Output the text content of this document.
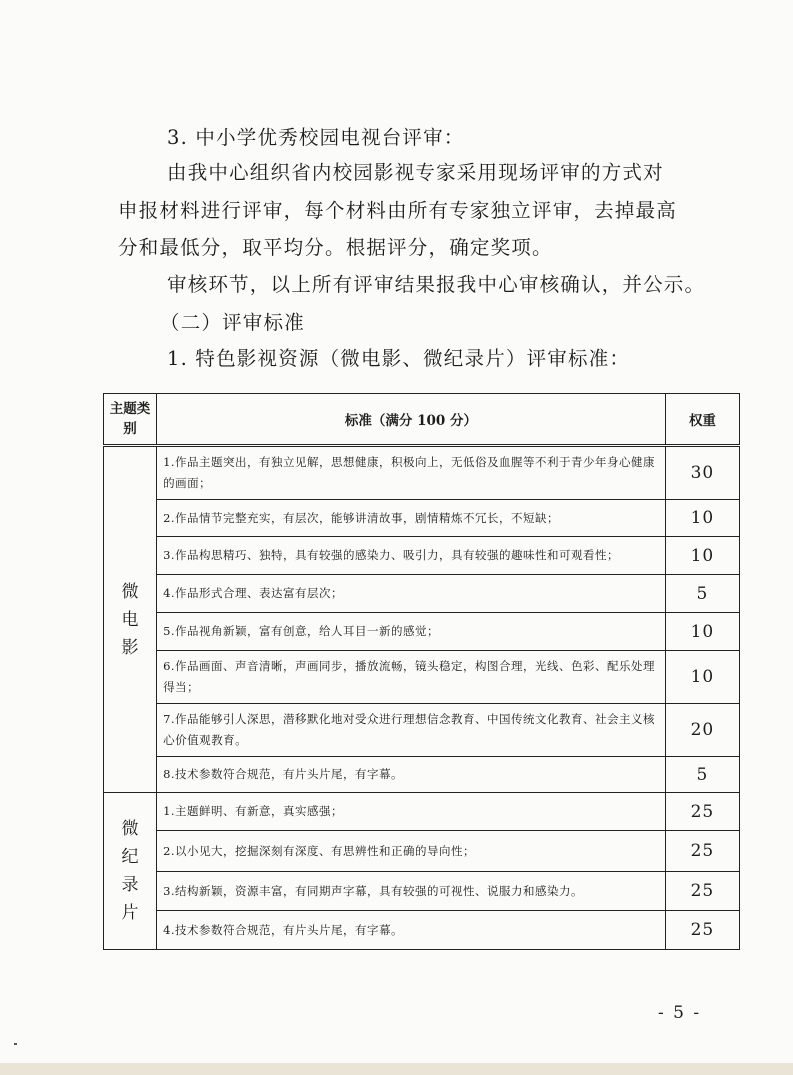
3. 中小学优秀校园电视台评审：
由我中心组织省内校园影视专家采用现场评审的方式对
申报材料进行评审，每个材料由所有专家独立评审，去掉最高
分和最低分，取平均分。根据评分，确定奖项。
审核环节，以上所有评审结果报我中心审核确认，并公示。
（二）评审标准
1. 特色影视资源（微电影、微纪录片）评审标准：
主题类别	标准（满分 100 分）	权重
微电影	1.作品主题突出，有独立见解，思想健康，积极向上，无低俗及血腥等不利于青少年身心健康的画面；	30
	2.作品情节完整充实，有层次，能够讲清故事，剧情精炼不冗长，不短缺；	10
	3.作品构思精巧、独特，具有较强的感染力、吸引力，具有较强的趣味性和可观看性；	10
	4.作品形式合理、表达富有层次；	5
	5.作品视角新颖，富有创意，给人耳目一新的感觉；	10
	6.作品画面、声音清晰，声画同步，播放流畅，镜头稳定，构图合理，光线、色彩、配乐处理得当；	10
	7.作品能够引人深思，潜移默化地对受众进行理想信念教育、中国传统文化教育、社会主义核心价值观教育。	20
	8.技术参数符合规范，有片头片尾，有字幕。	5
微纪录片	1.主题鲜明、有新意，真实感强；	25
	2.以小见大，挖掘深刻有深度、有思辨性和正确的导向性；	25
	3.结构新颖，资源丰富，有同期声字幕，具有较强的可视性、说服力和感染力。	25
	4.技术参数符合规范，有片头片尾，有字幕。	25
- 5 -
